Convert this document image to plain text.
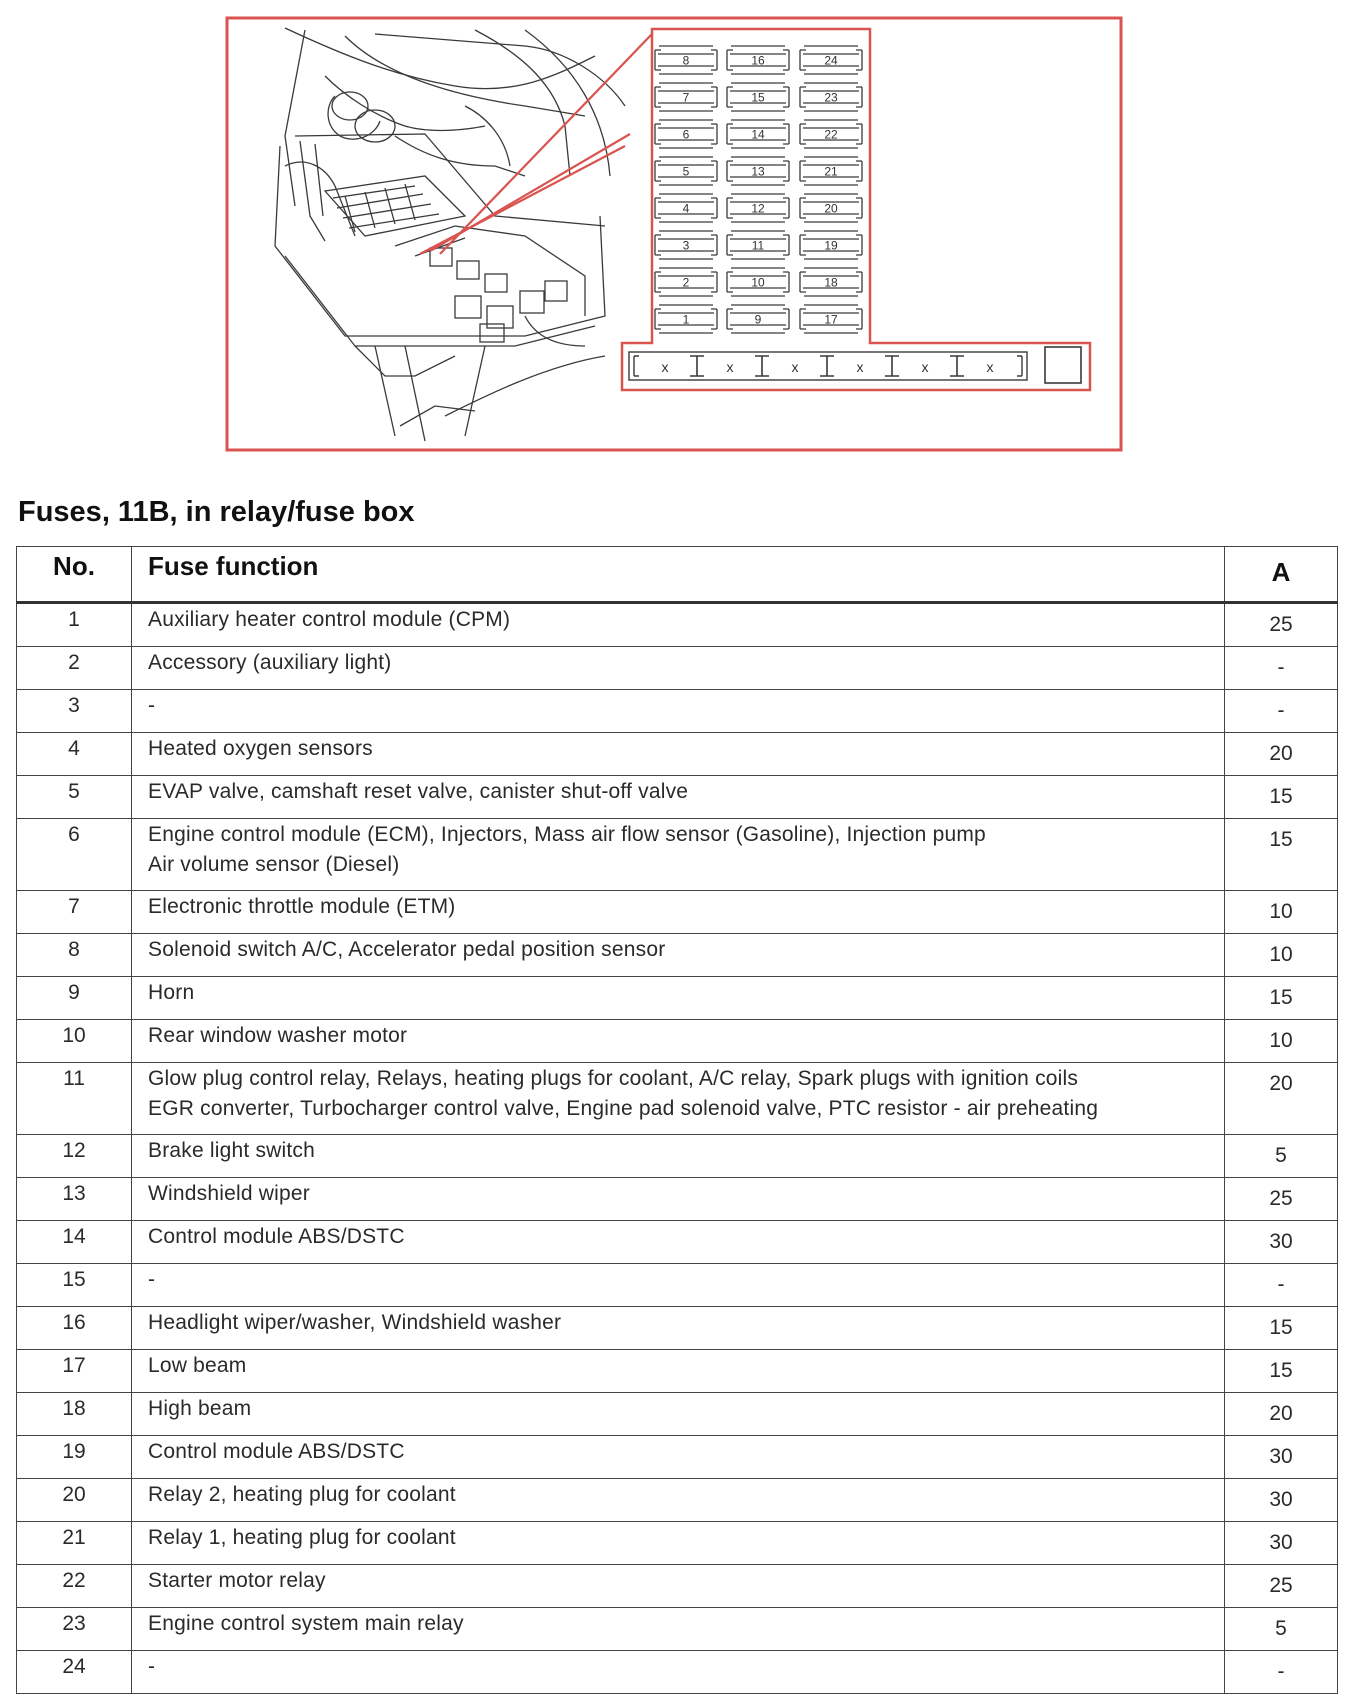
8
7
6
5
4
3
2
1
16
15
14
13
12
11
10
9
24
23
22
21
20
19
18
17
x	x	x	x	x	x
Fuses, 11B, in relay/fuse box
No.	Fuse function	A
1	Auxiliary heater control module (CPM)	25
2	Accessory (auxiliary light)	-
3	-	-
4	Heated oxygen sensors	20
5	EVAP valve, camshaft reset valve, canister shut-off valve	15
6	Engine control module (ECM), Injectors, Mass air flow sensor (Gasoline), Injection pump
Air volume sensor (Diesel)	15
7	Electronic throttle module (ETM)	10
8	Solenoid switch A/C, Accelerator pedal position sensor	10
9	Horn	15
10	Rear window washer motor	10
11	Glow plug control relay, Relays, heating plugs for coolant, A/C relay, Spark plugs with ignition coils
EGR converter, Turbocharger control valve, Engine pad solenoid valve, PTC resistor - air preheating	20
12	Brake light switch	5
13	Windshield wiper	25
14	Control module ABS/DSTC	30
15	-	-
16	Headlight wiper/washer, Windshield washer	15
17	Low beam	15
18	High beam	20
19	Control module ABS/DSTC	30
20	Relay 2, heating plug for coolant	30
21	Relay 1, heating plug for coolant	30
22	Starter motor relay	25
23	Engine control system main relay	5
24	-	-
